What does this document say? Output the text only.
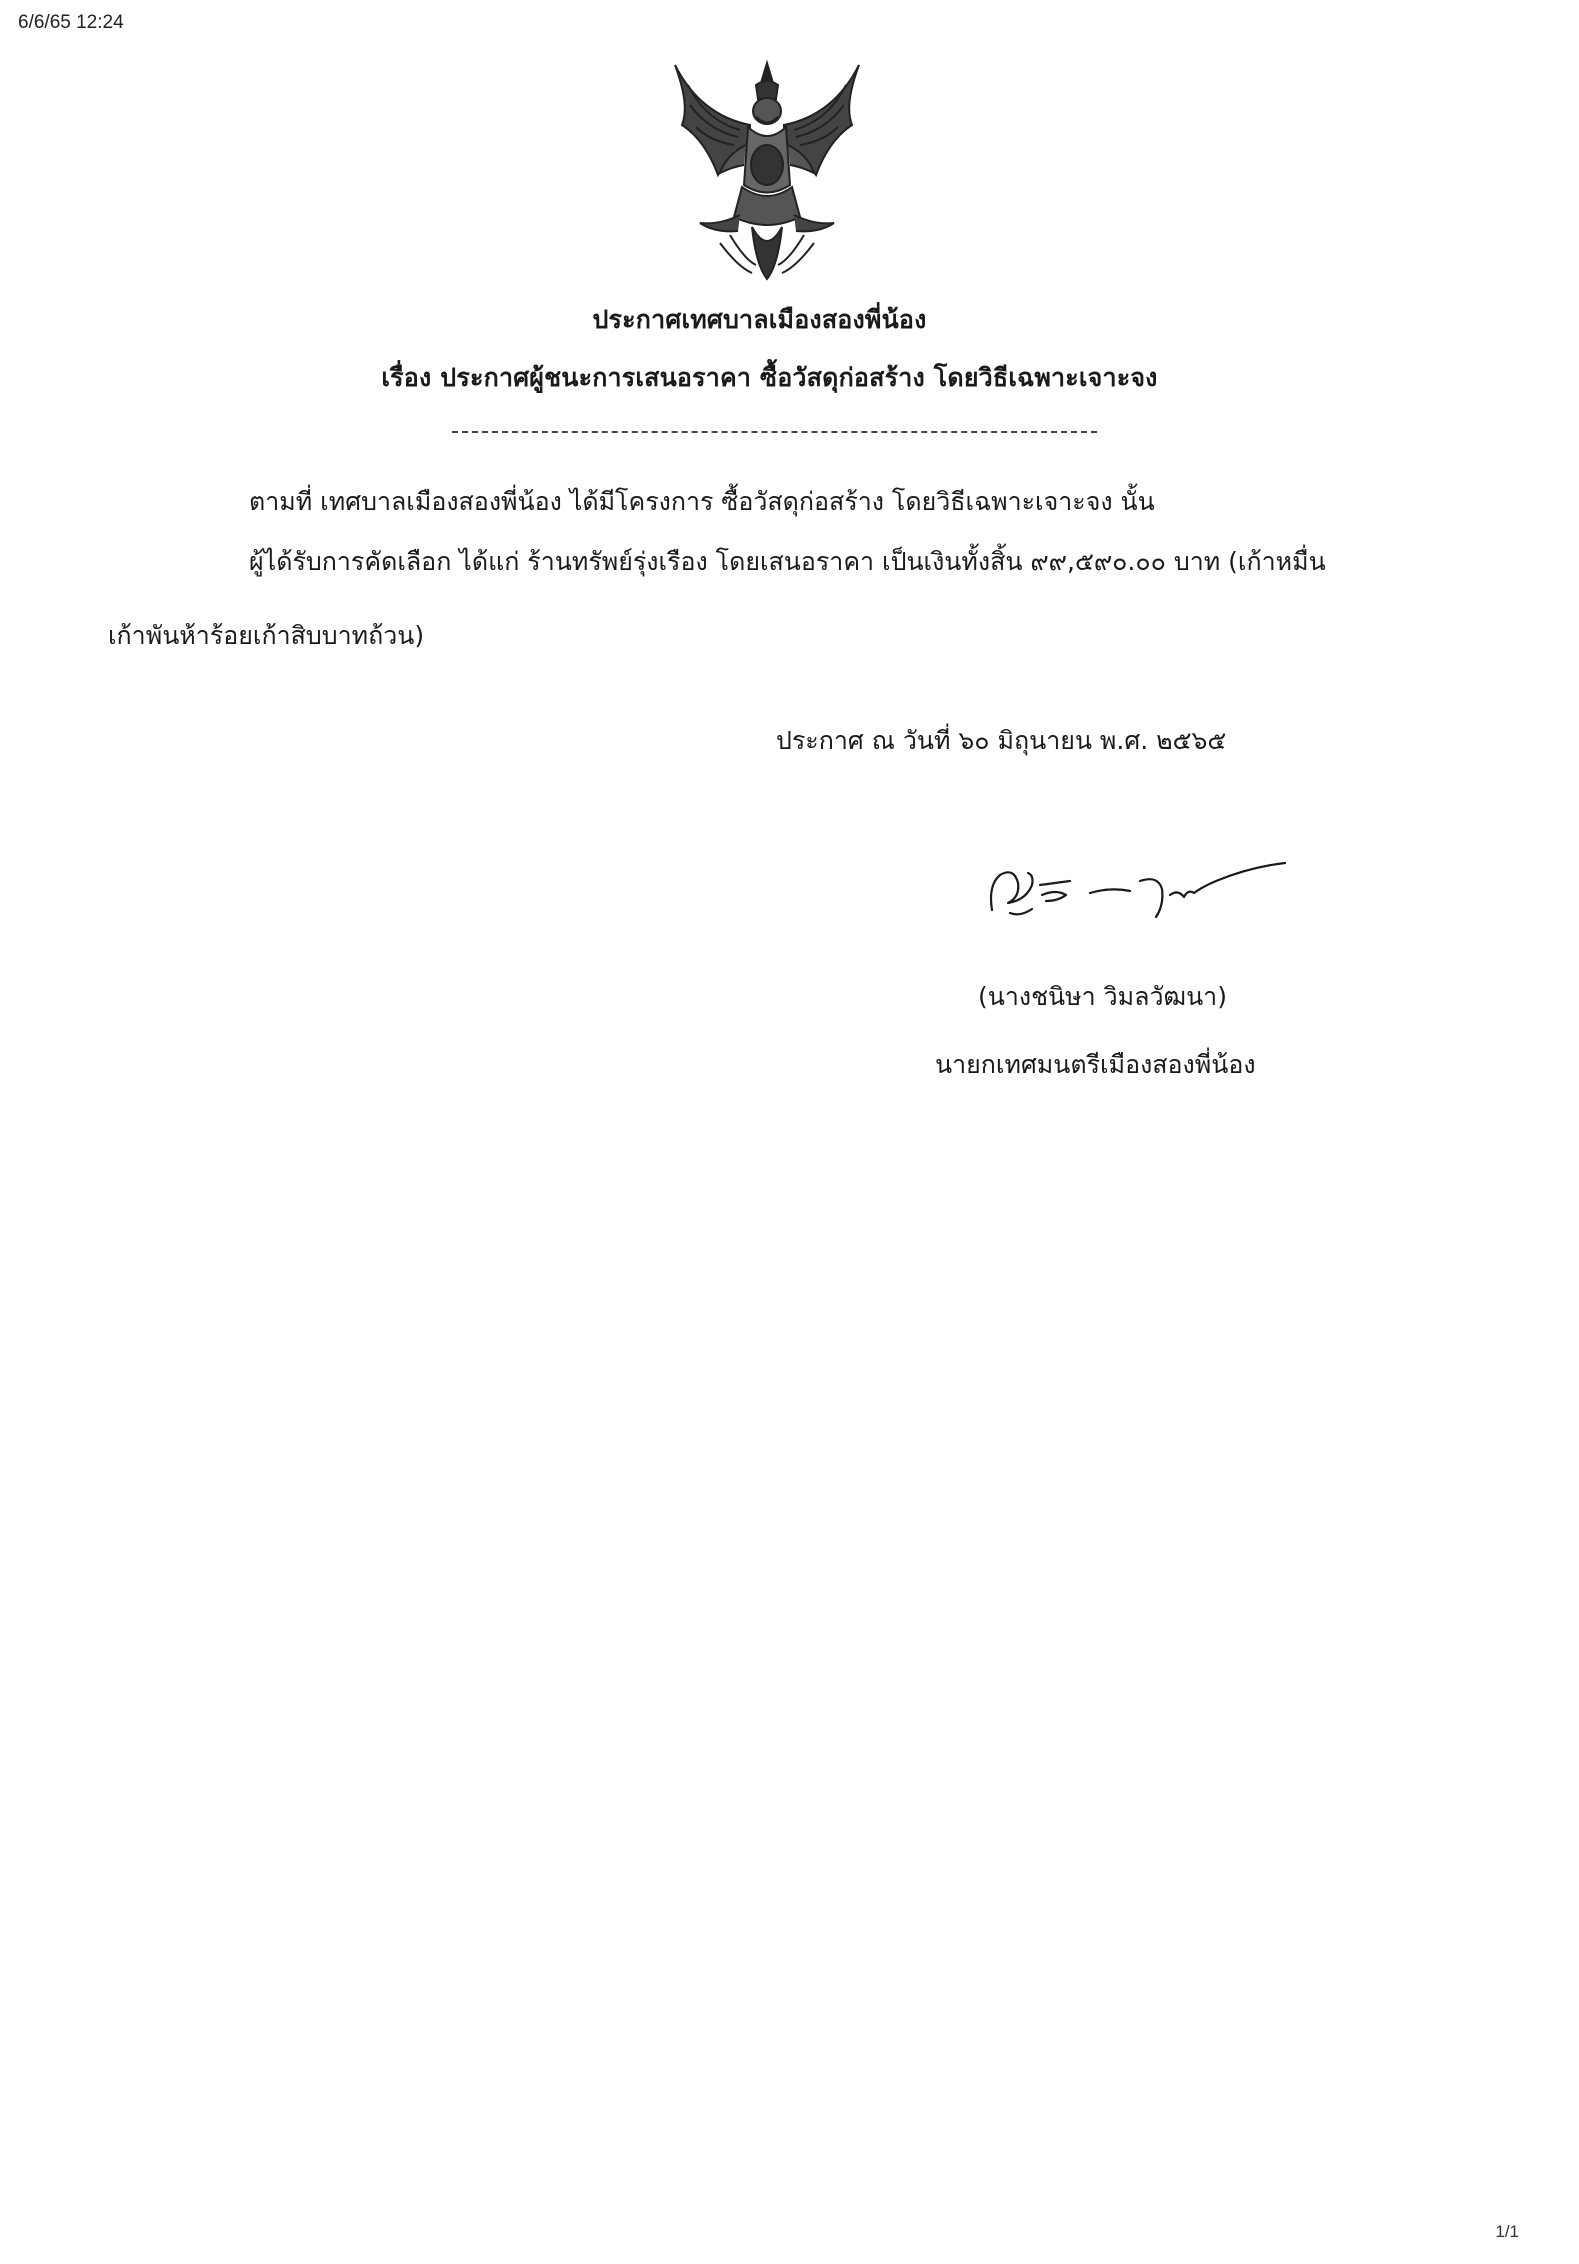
6/6/65 12:24
ประกาศเทศบาลเมืองสองพี่น้อง
เรื่อง ประกาศผู้ชนะการเสนอราคา ซื้อวัสดุก่อสร้าง โดยวิธีเฉพาะเจาะจง
ตามที่ เทศบาลเมืองสองพี่น้อง ได้มีโครงการ ซื้อวัสดุก่อสร้าง โดยวิธีเฉพาะเจาะจง นั้น
ผู้ได้รับการคัดเลือก ได้แก่ ร้านทรัพย์รุ่งเรือง โดยเสนอราคา เป็นเงินทั้งสิ้น ๙๙,๕๙๐.๐๐ บาท (เก้าหมื่น
เก้าพันห้าร้อยเก้าสิบบาทถ้วน)
ประกาศ ณ วันที่ ๖๐ มิถุนายน พ.ศ. ๒๕๖๕
(นางชนิษา วิมลวัฒนา)
นายกเทศมนตรีเมืองสองพี่น้อง
1/1
